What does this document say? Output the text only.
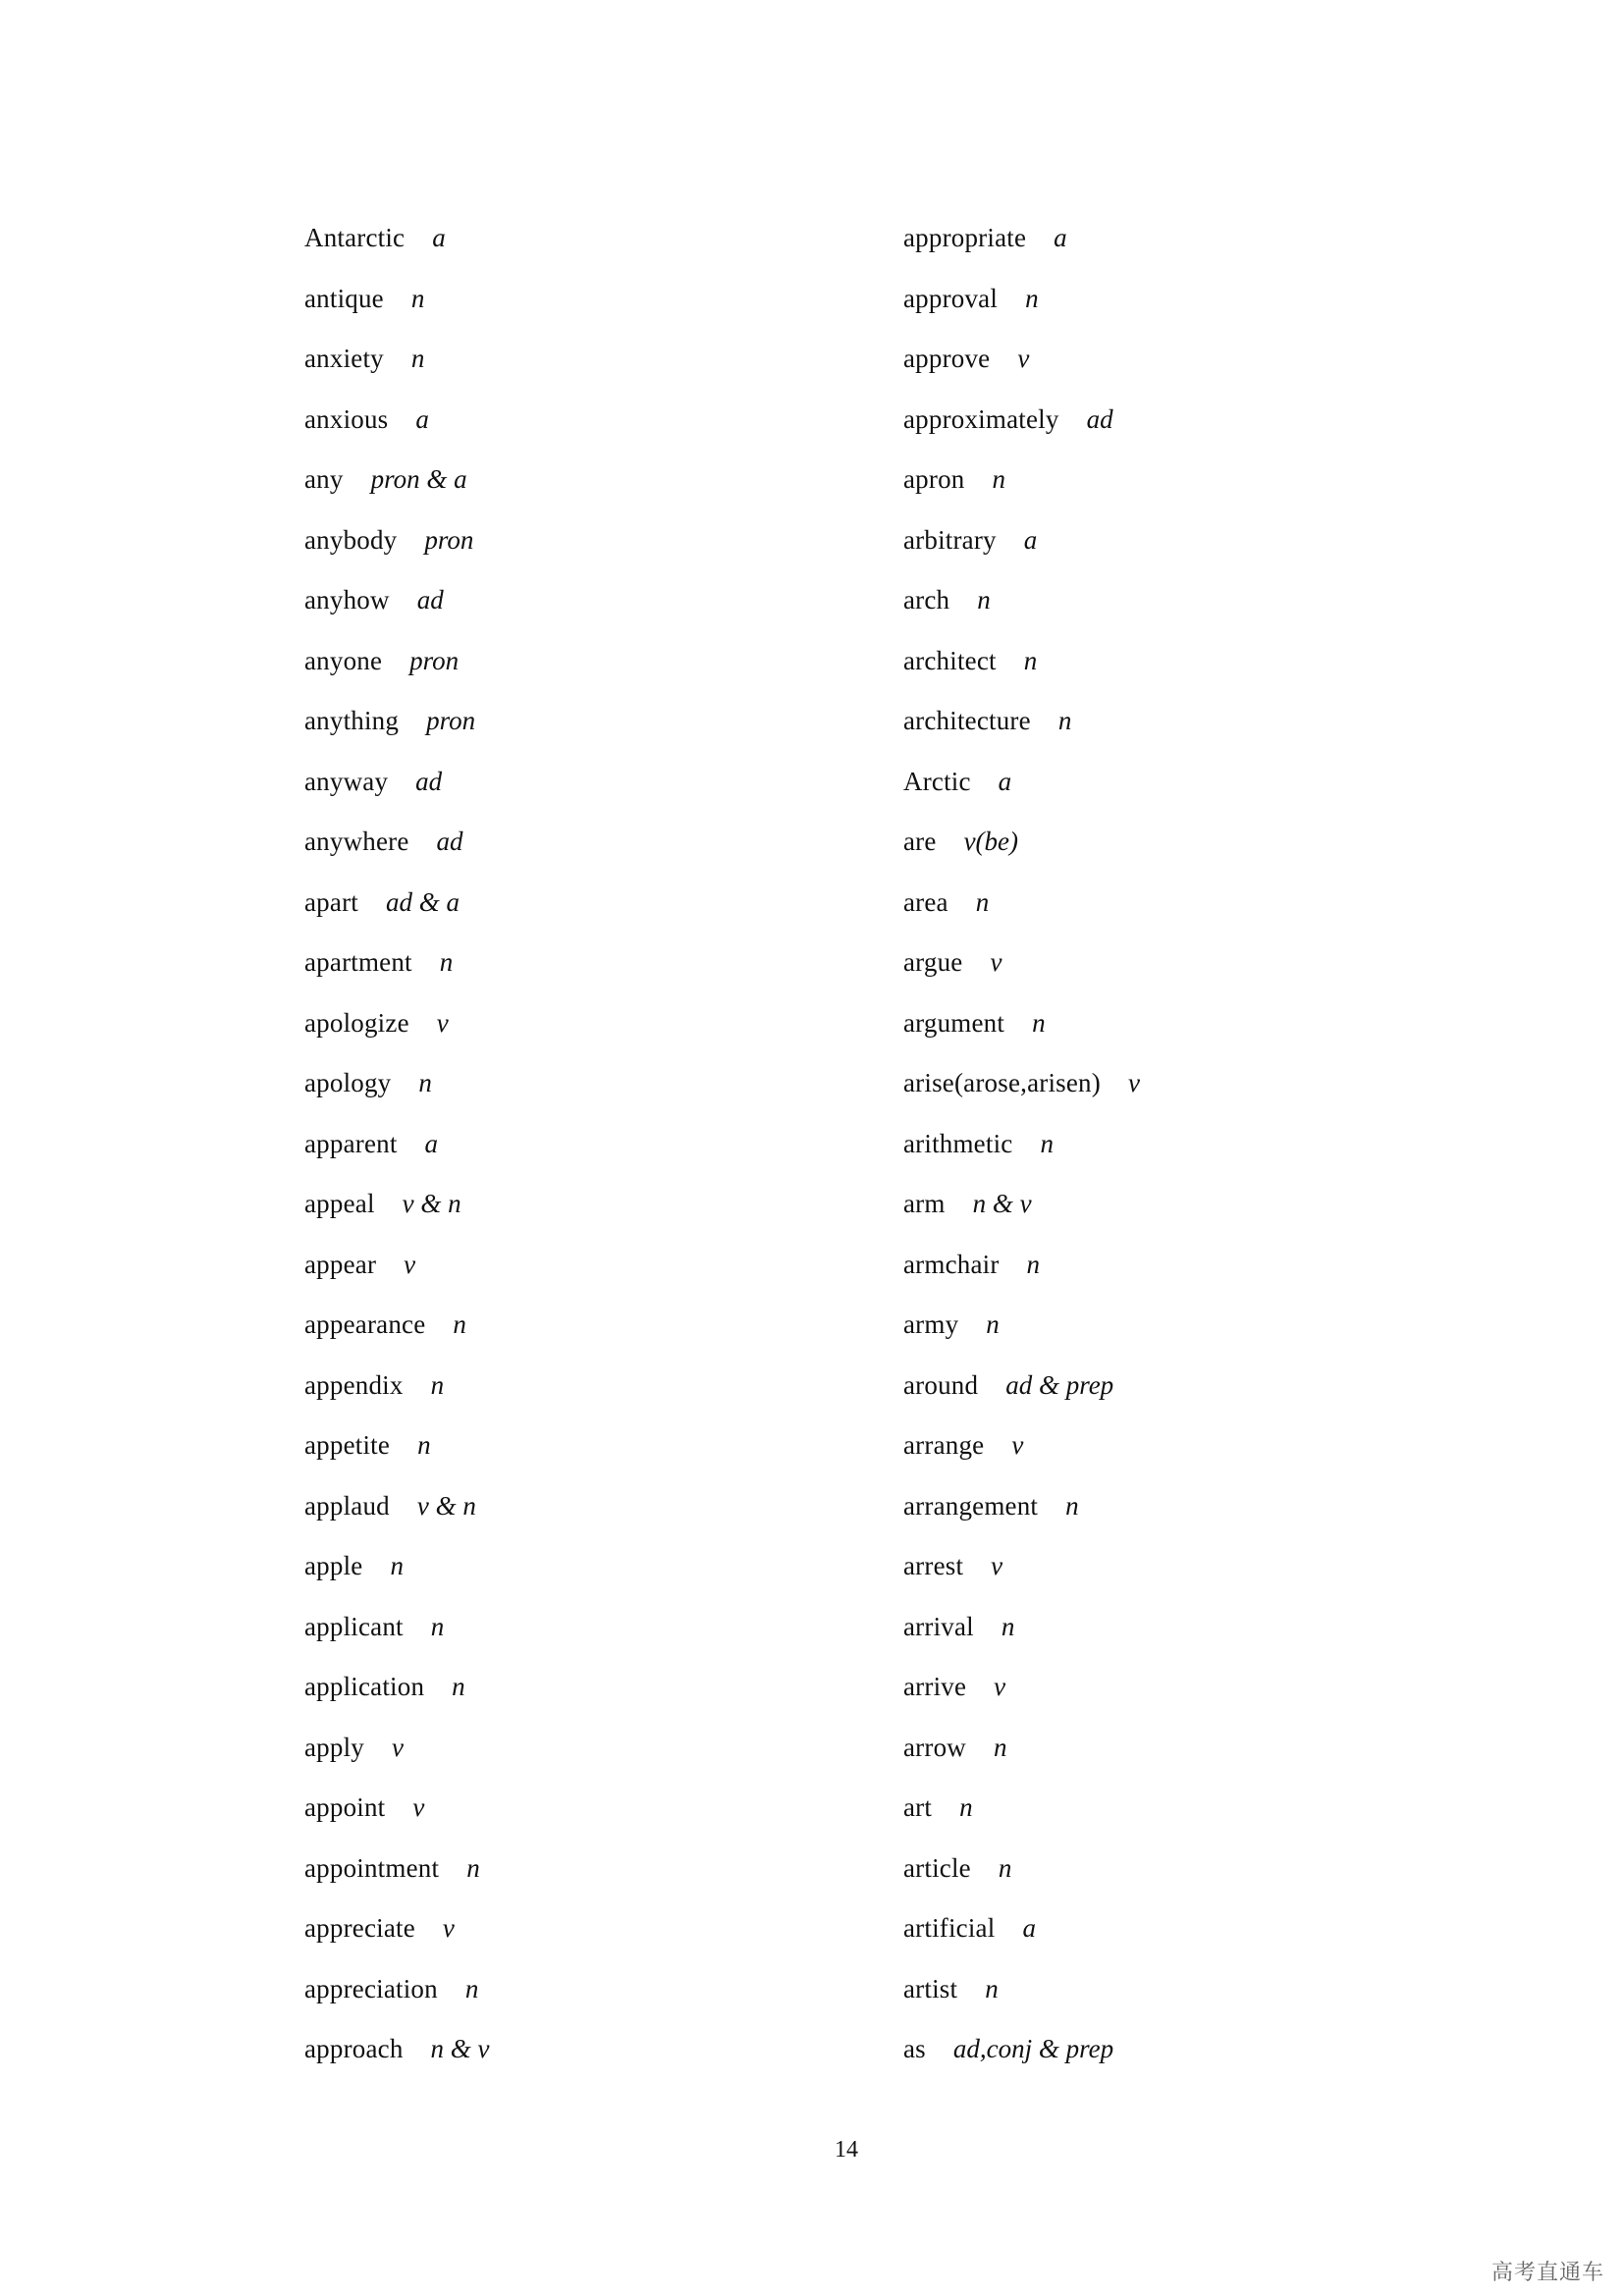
Antarctic a
antique n
anxiety n
anxious a
any pron & a
anybody pron
anyhow ad
anyone pron
anything pron
anyway ad
anywhere ad
apart ad & a
apartment n
apologize v
apology n
apparent a
appeal v & n
appear v
appearance n
appendix n
appetite n
applaud v & n
apple n
applicant n
application n
apply v
appoint v
appointment n
appreciate v
appreciation n
approach n & v
appropriate a
approval n
approve v
approximately ad
apron n
arbitrary a
arch n
architect n
architecture n
Arctic a
are v(be)
area n
argue v
argument n
arise(arose,arisen) v
arithmetic n
arm n & v
armchair n
army n
around ad & prep
arrange v
arrangement n
arrest v
arrival n
arrive v
arrow n
art n
article n
artificial a
artist n
as ad,conj & prep
14
高考直通车
